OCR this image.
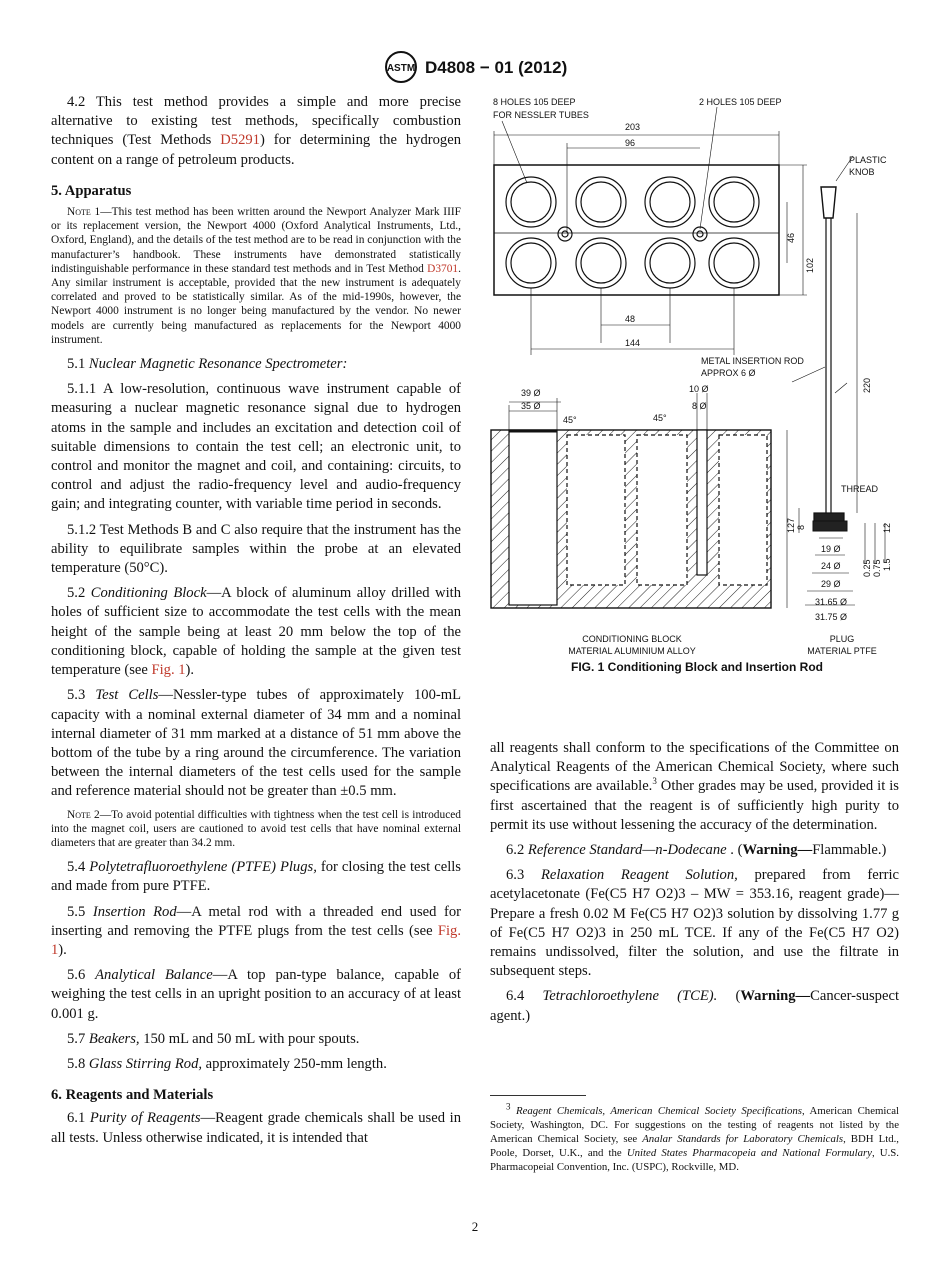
ASTM D4808 − 01 (2012)

4.2 This test method provides a simple and more precise alternative to existing test methods, specifically combustion techniques (Test Methods D5291) for determining the hydrogen content on a range of petroleum products.

5. Apparatus
Note 1—This test method has been written around the Newport Analyzer Mark IIIF or its replacement version, the Newport 4000 (Oxford Analytical Instruments, Ltd., Oxford, England), and the details of the test method are to be read in conjunction with the manufacturer’s handbook. These instruments have demonstrated statistically indistinguishable performance in these standard test methods and in Test Method D3701. Any similar instrument is acceptable, provided that the new instrument is adequately correlated and proved to be statistically similar. As of the mid-1990s, however, the Newport 4000 instrument is no longer being manufactured by the vendor. No newer models are currently being manufactured as replacements for the Newport 4000 instrument.

5.1 Nuclear Magnetic Resonance Spectrometer:

5.1.1 A low-resolution, continuous wave instrument capable of measuring a nuclear magnetic resonance signal due to hydrogen atoms in the sample and includes an excitation and detection coil of suitable dimensions to contain the test cell; an electronic unit, to control and monitor the magnet and coil, and containing: circuits, to control and adjust the radio-frequency level and audio-frequency gain; and integrating counter, with variable time period in seconds.

5.1.2 Test Methods B and C also require that the instrument has the ability to equilibrate samples within the probe at an elevated temperature (50°C).

5.2 Conditioning Block—A block of aluminum alloy drilled with holes of sufficient size to accommodate the test cells with the mean height of the sample being at least 20 mm below the top of the conditioning block, capable of holding the sample at the given test temperature (see Fig. 1).

5.3 Test Cells—Nessler-type tubes of approximately 100-mL capacity with a nominal external diameter of 34 mm and a nominal internal diameter of 31 mm marked at a distance of 51 mm above the bottom of the tube by a ring around the circumference. The variation between the internal diameters of the test cells used for the sample and reference material should not be greater than ±0.5 mm.

Note 2—To avoid potential difficulties with tightness when the test cell is introduced into the magnet coil, users are cautioned to avoid test cells that have nominal external diameters that are greater than 34.2 mm.

5.4 Polytetrafluoroethylene (PTFE) Plugs, for closing the test cells and made from pure PTFE.

5.5 Insertion Rod—A metal rod with a threaded end used for inserting and removing the PTFE plugs from the test cells (see Fig. 1).

5.6 Analytical Balance—A top pan-type balance, capable of weighing the test cells in an upright position to an accuracy of at least 0.001 g.

5.7 Beakers, 150 mL and 50 mL with pour spouts.

5.8 Glass Stirring Rod, approximately 250-mm length.

6. Reagents and Materials

6.1 Purity of Reagents—Reagent grade chemicals shall be used in all tests. Unless otherwise indicated, it is intended that

8 HOLES 105 DEEP
FOR NESSLER TUBES
2 HOLES 105 DEEP
203
96
102
46
48
144
PLASTIC
KNOB
METAL INSERTION ROD
APPROX 6 Ø
220
THREAD
39 Ø
35 Ø
45°	45°
10 Ø
8 Ø
127 8
19 Ø
24 Ø
29 Ø
31.65 Ø
31.75 Ø
0.25 0.75 1.5
12
CONDITIONING BLOCK
MATERIAL ALUMINIUM ALLOY
PLUG
MATERIAL PTFE
FIG. 1 Conditioning Block and Insertion Rod

all reagents shall conform to the specifications of the Committee on Analytical Reagents of the American Chemical Society, where such specifications are available.$^3$ Other grades may be used, provided it is first ascertained that the reagent is of sufficiently high purity to permit its use without lessening the accuracy of the determination.

6.2 Reference Standard—n-Dodecane . (Warning—Flammable.)

6.3 Relaxation Reagent Solution, prepared from ferric acetylacetonate (Fe(C5 H7 O2)3 – MW = 353.16, reagent grade)—Prepare a fresh 0.02 M Fe(C5 H7 O2)3 solution by dissolving 1.77 g of Fe(C5 H7 O2)3 in 250 mL TCE. If any of the Fe(C5 H7 O2) remains undissolved, filter the solution, and use the filtrate in subsequent steps.

6.4 Tetrachloroethylene (TCE). (Warning—Cancer-suspect agent.)

$^3$ Reagent Chemicals, American Chemical Society Specifications, American Chemical Society, Washington, DC. For suggestions on the testing of reagents not listed by the American Chemical Society, see Analar Standards for Laboratory Chemicals, BDH Ltd., Poole, Dorset, U.K., and the United States Pharmacopeia and National Formulary, U.S. Pharmacopeial Convention, Inc. (USPC), Rockville, MD.
2
